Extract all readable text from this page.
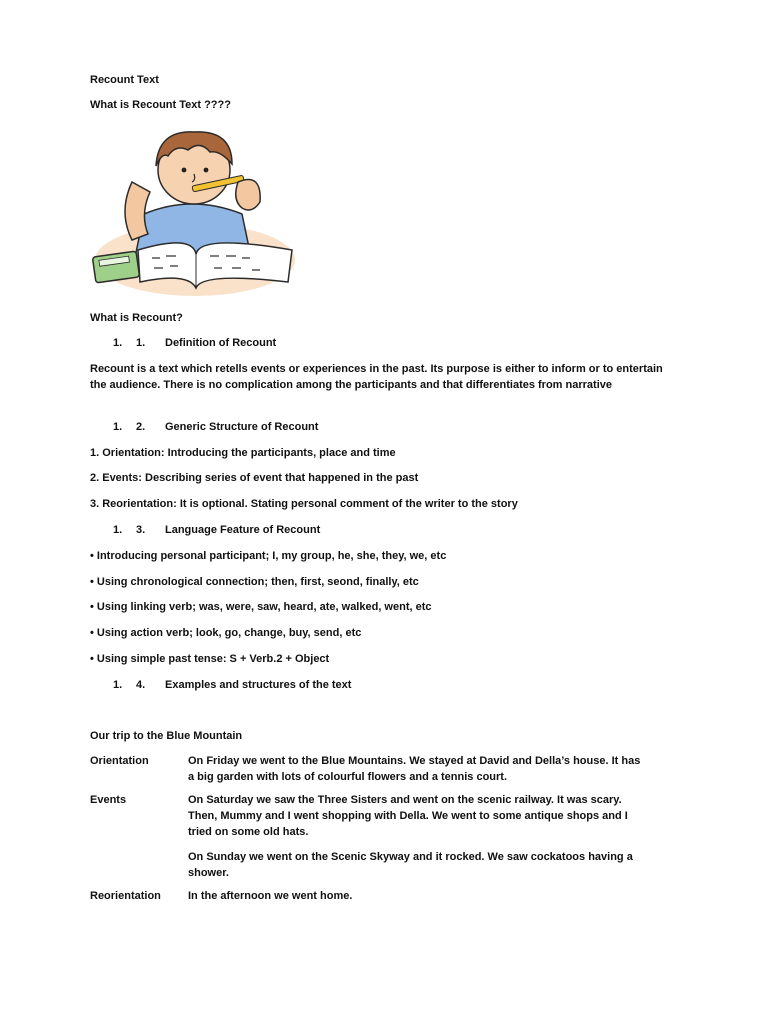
Recount Text
What is Recount Text ????
What is Recount?
1. 1. Definition of Recount
Recount is a text which retells events or experiences in the past. Its purpose is either to inform or to entertain the audience. There is no complication among the participants and that differentiates from narrative
1. 2. Generic Structure of Recount
1. Orientation: Introducing the participants, place and time
2. Events: Describing series of event that happened in the past
3. Reorientation: It is optional. Stating personal comment of the writer to the story
1. 3. Language Feature of Recount
• Introducing personal participant; I, my group, he, she, they, we, etc
• Using chronological connection; then, first, seond, finally, etc
• Using linking verb; was, were, saw, heard, ate, walked, went, etc
• Using action verb; look, go, change, buy, send, etc
• Using simple past tense: S + Verb.2 + Object
1. 4. Examples and structures of the text
Our trip to the Blue Mountain
Orientation	On Friday we went to the Blue Mountains. We stayed at David and Della’s house. It has a big garden with lots of colourful flowers and a tennis court.
Events	On Saturday we saw the Three Sisters and went on the scenic railway. It was scary. Then, Mummy and I went shopping with Della. We went to some antique shops and I tried on some old hats.
On Sunday we went on the Scenic Skyway and it rocked. We saw cockatoos having a shower.
Reorientation In the afternoon we went home.
